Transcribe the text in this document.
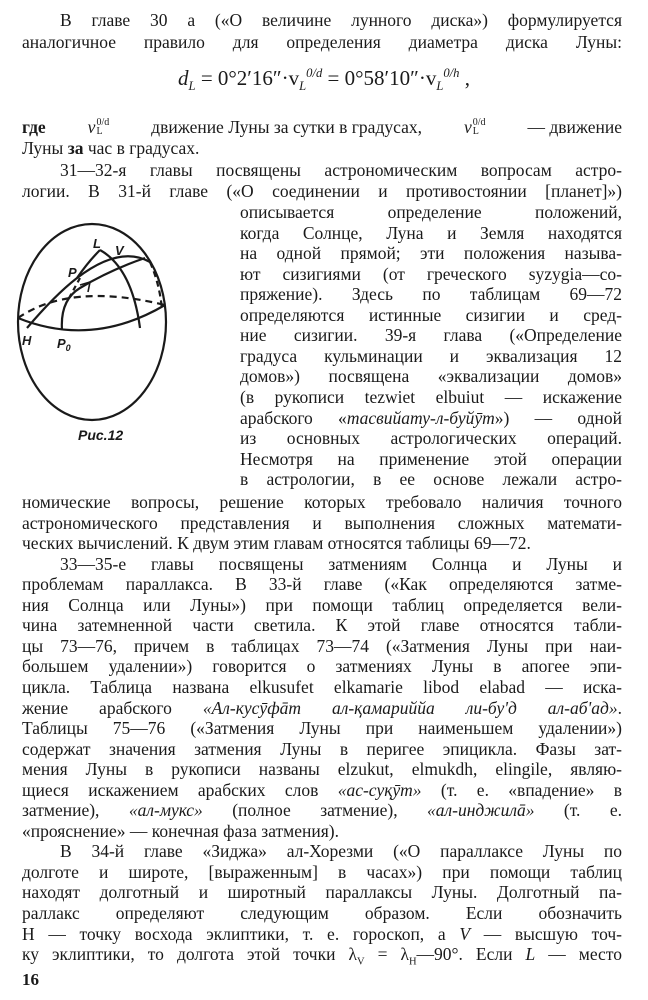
В главе 30 а («О величине лунного диска») формулируется
аналогичное правило для определения диаметра диска Луны:
31—32-я главы посвящены астрономическим вопросам астро-
логии. В 31-й главе («О соединении и противостоянии [планет]»)
описывается определение положений,
когда Солнце, Луна и Земля находятся
на одной прямой; эти положения называ-
ют сизигиями (от греческого syzygia—со-
пряжение). Здесь по таблицам 69—72
определяются истинные сизигии и сред-
ние сизигии. 39-я глава («Определение
градуса кульминации и эквализация 12
домов») посвящена «эквализации домов»
(в рукописи tezwiet elbuiut — искажение
арабского «тасвийату-л-буйӯт») — одной
из основных астрологических операций.
Несмотря на применение этой операции
в астрологии, в ее основе лежали астро-
номические вопросы, решение которых требовало наличия точного
астрономического представления и выполнения сложных математи-
ческих вычислений. К двум этим главам относятся таблицы 69—72.
33—35-е главы посвящены затмениям Солнца и Луны и
проблемам параллакса. В 33-й главе («Как определяются затме-
ния Солнца или Луны») при помощи таблиц определяется вели-
чина затемненной части светила. К этой главе относятся табли-
цы 73—76, причем в таблицах 73—74 («Затмения Луны при наи-
большем удалении») говорится о затмениях Луны в апогее эпи-
цикла. Таблица названа elkusufet elkamarie libod elabad — иска-
жение арабского «Ал-кусӯфāт ал-қамариййа ли-бу'д ал-аб'ад».
Таблицы 75—76 («Затмения Луны при наименьшем удалении»)
содержат значения затмения Луны в перигее эпицикла. Фазы зат-
мения Луны в рукописи названы elzukut, elmukdh, elingile, являю-
щиеся искажением арабских слов «ас-суқӯт» (т. е. «впадение» в
затмение), «ал-мукс» (полное затмение), «ал-инджилā» (т. е.
«прояснение» — конечная фаза затмения).
В 34-й главе «Зиджа» ал-Хорезми («О параллаксе Луны по
долготе и широте, [выраженным] в часах») при помощи таблиц
находят долготный и широтный параллаксы Луны. Долготный па-
раллакс определяют следующим образом. Если обозначить
Н — точку восхода эклиптики, т. е. гороскоп, а V — высшую точ-
ку эклиптики, то долгота этой точки $\lambda_V$ = $\lambda_H—90^\circ$. Если L — место
$d_L = 0^\circ 2'16''\cdot v_L^{0/d} = 0^\circ 58'10''\cdot v_L^{0/h}$ ,
где v 0/d
L	движение Луны за сутки в градусах, v 0/d
L	— движение
Луны за час в градусах.
H $P_0$
P
L V
Рис.12
16
